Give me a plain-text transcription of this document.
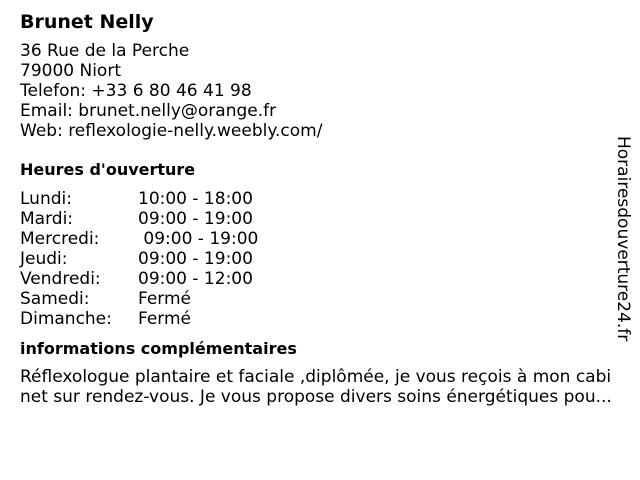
Brunet Nelly
36 Rue de la Perche
79000 Niort
Telefon: +33 6 80 46 41 98
Email: brunet.nelly@orange.fr
Web: reflexologie-nelly.weebly.com/
Heures d'ouverture
Lundi:	10:00 - 18:00
Mardi:	09:00 - 19:00
Mercredi:	09:00 - 19:00
Jeudi:	09:00 - 19:00
Vendredi:	09:00 - 12:00
Samedi:	Fermé
Dimanche:	Fermé
informations complémentaires
Réflexologue plantaire et faciale ,diplômée, je vous reçois à mon cabi
net sur rendez-vous. Je vous propose divers soins énergétiques pou...
Horairesdouverture24.fr
